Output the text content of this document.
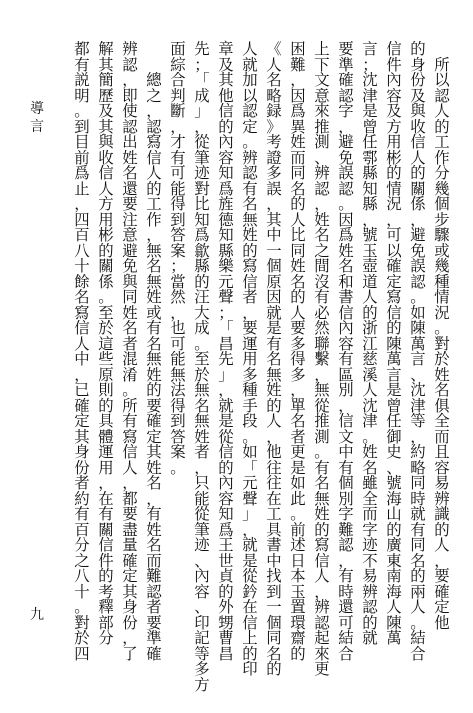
導
言
九
所
以
認
人
的
工
作
分
幾
個
步
驟
或
幾
種
情
況
。
對
於
姓
名
俱
全
而
且
容
易
辨
識
的
人
，
要
確
定
他
的
身
份
及
與
收
信
人
的
關
係
，
避
免
誤
認
。
如
陳
萬
言
、
沈
津
等
，
約
略
同
時
就
有
同
名
的
兩
人
。
結
合
信
件
內
容
及
方
用
彬
的
情
況
，
可
以
確
定
寫
信
的
陳
萬
言
是
曾
任
御
史
、
號
海
山
的
廣
東
南
海
人
陳
萬
言
；
沈
津
是
曾
任
鄠
縣
知
縣
，
號
玉
壺
道
人
的
浙
江
慈
溪
人
沈
津
。
姓
名
雖
全
而
字
迹
不
易
辨
認
的
就
要
準
確
認
字
，
避
免
誤
認
。
因
爲
姓
名
和
書
信
內
容
有
區
別
，
信
文
中
有
個
別
字
難
認
，
有
時
還
可
結
合
上
下
文
意
來
推
測
、
辨
認
，
姓
名
之
間
沒
有
必
然
聯
繫
，
無
從
推
測
。
有
名
無
姓
的
寫
信
人
，
辨
認
起
來
更
困
難
，
因
爲
異
姓
而
同
名
的
人
比
同
姓
名
的
人
要
多
得
多
，
單
名
者
更
是
如
此
。
前
述
日
本
玉
置
環
齋
的
《
人
名
略
録
》
考
證
多
誤
，
其
中
一
個
原
因
就
是
有
名
無
姓
的
人
，
他
往
往
在
工
具
書
中
找
到
一
個
同
名
的
人
就
加
以
認
定
。
辨
認
有
名
無
姓
的
寫
信
者
，
要
運
用
多
種
手
段
。
如
「
元
聲
」
，
就
是
從
鈐
在
信
上
的
印
章
及
其
他
信
的
內
容
知
爲
旌
德
知
縣
樂
元
聲
；
「
昌
先
」
，
就
是
從
信
的
內
容
知
爲
王
世
貞
的
外
甥
曹
昌
先
；
「
成
」
，
從
筆
迹
對
比
知
爲
歙
縣
的
汪
大
成
。
至
於
無
名
無
姓
者
，
只
能
從
筆
迹
、
內
容
、
印
記
等
多
方
面
綜
合
判
斷
，
才
有
可
能
得
到
答
案
；
當
然
，
也
可
能
無
法
得
到
答
案
。
總
之
，
認
寫
信
人
的
工
作
，
無
名
無
姓
或
有
名
無
姓
的
要
確
定
其
姓
名
，
有
姓
名
而
難
認
者
要
準
確
辨
認
，
即
使
認
出
姓
名
還
要
注
意
避
免
與
同
姓
名
者
混
淆
。
所
有
寫
信
人
，
都
要
盡
量
確
定
其
身
份
，
了
解
其
簡
歷
及
其
與
收
信
人
方
用
彬
的
關
係
。
至
於
這
些
原
則
的
具
體
運
用
，
在
有
關
信
件
的
考
釋
部
分
都
有
説
明
。
到
目
前
爲
止
，
四
百
八
十
餘
名
寫
信
人
中
，
已
確
定
其
身
份
者
約
有
百
分
之
八
十
。
對
於
四
